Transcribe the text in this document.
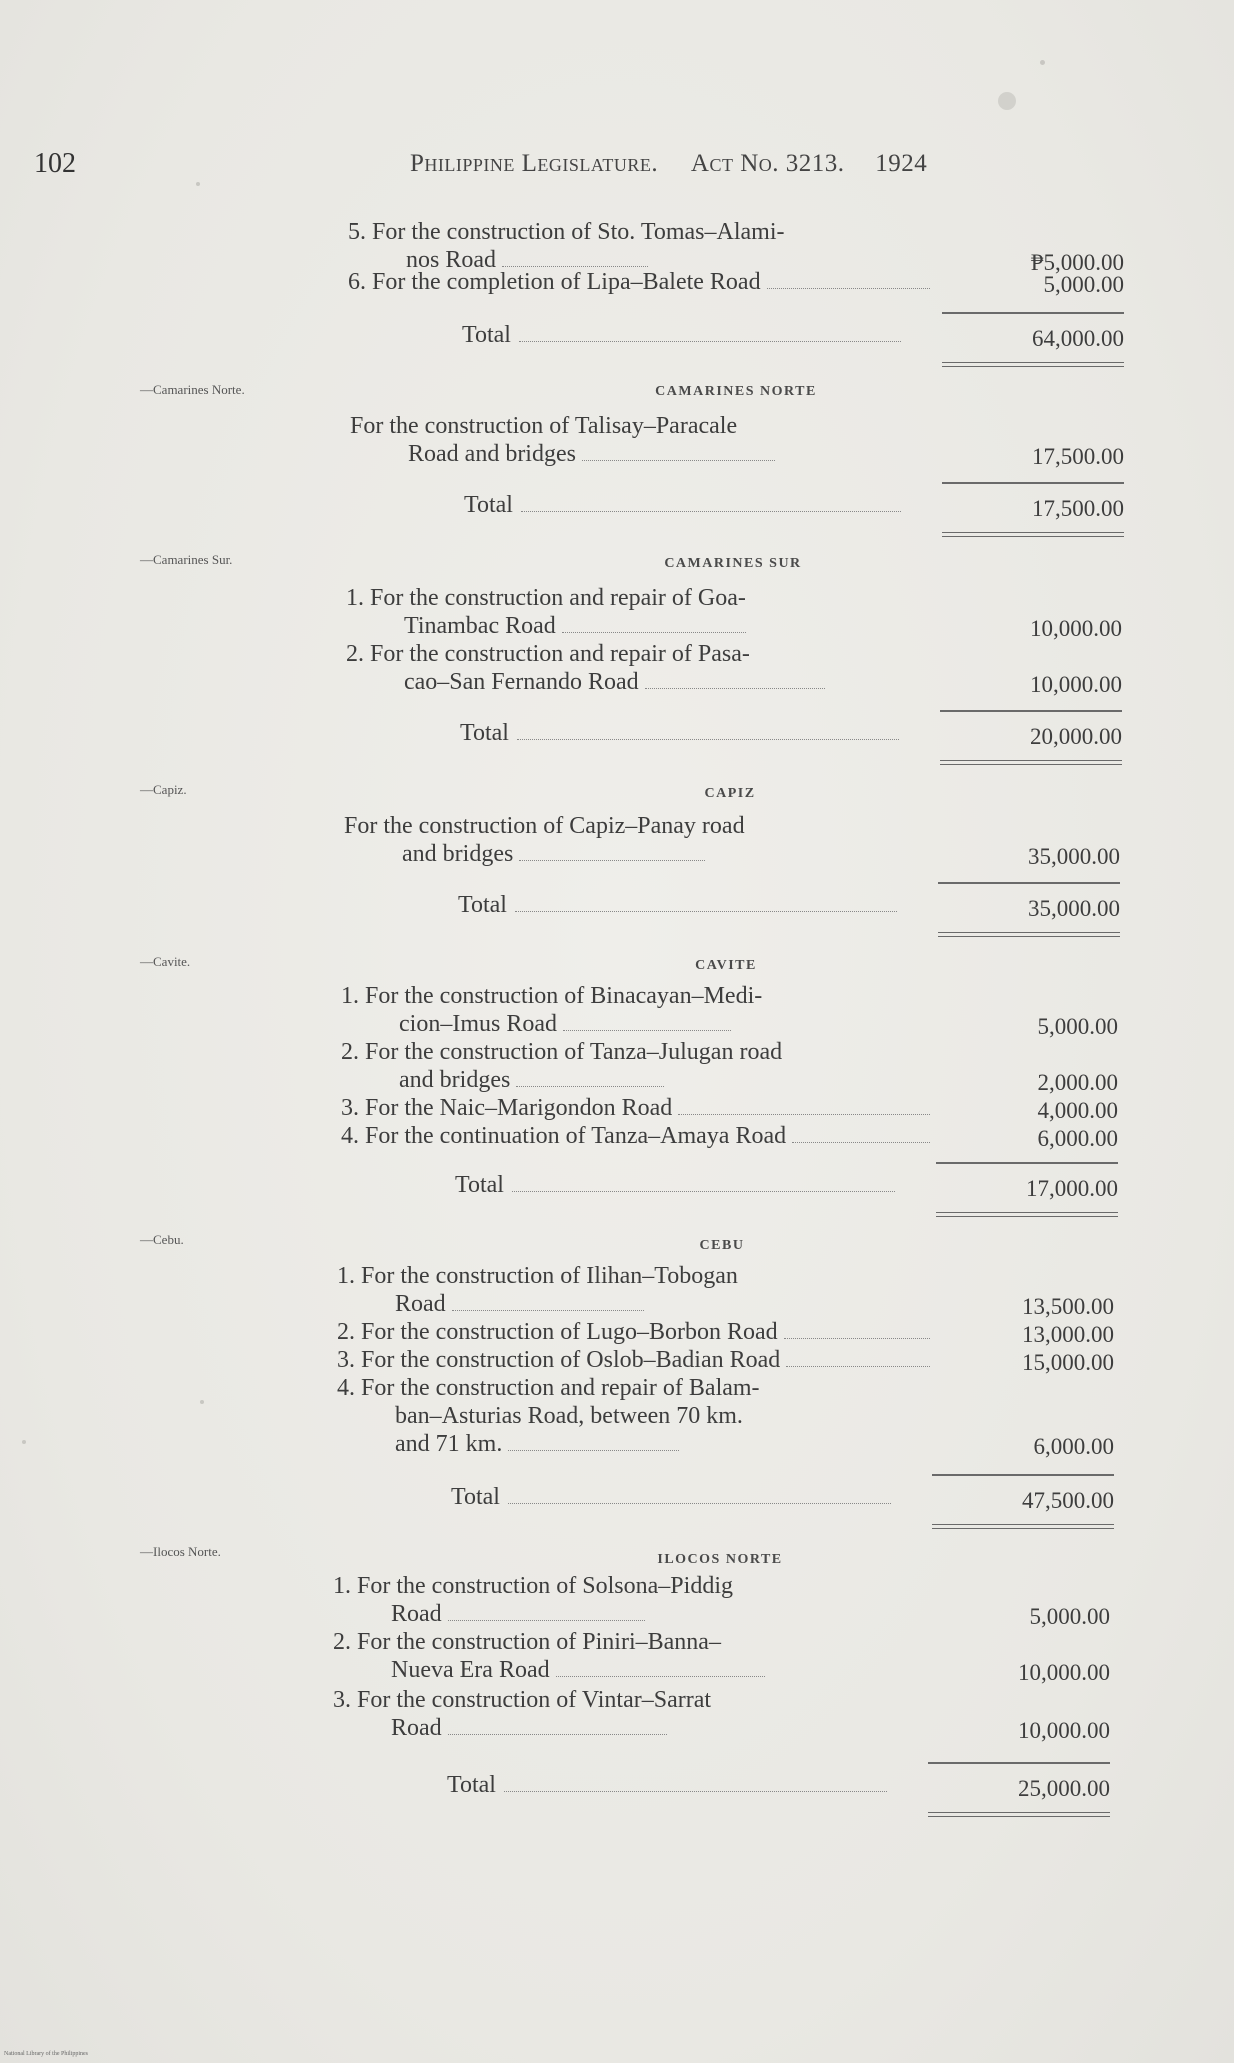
102	Philippine Legislature. Act No. 3213. 1924
5. For the construction of Sto. Tomas–Alami-
nos Road	₱5,000.00
6. For the completion of Lipa–Balete Road	5,000.00
Total	64,000.00
—Camarines Norte.	CAMARINES NORTE
For the construction of Talisay–Paracale
Road and bridges	17,500.00
Total	17,500.00
—Camarines Sur.	CAMARINES SUR
1. For the construction and repair of Goa-
Tinambac Road	10,000.00
2. For the construction and repair of Pasa-
cao–San Fernando Road	10,000.00
Total	20,000.00
—Capiz.	CAPIZ
For the construction of Capiz–Panay road
and bridges	35,000.00
Total	35,000.00
—Cavite.	CAVITE
1. For the construction of Binacayan–Medi-
cion–Imus Road	5,000.00
2. For the construction of Tanza–Julugan road
and bridges	2,000.00
3. For the Naic–Marigondon Road	4,000.00
4. For the continuation of Tanza–Amaya Road	6,000.00
Total	17,000.00
—Cebu.	CEBU
1. For the construction of Ilihan–Tobogan
Road	13,500.00
2. For the construction of Lugo–Borbon Road	13,000.00
3. For the construction of Oslob–Badian Road	15,000.00
4. For the construction and repair of Balam-
ban–Asturias Road, between 70 km.
and 71 km.	6,000.00
Total	47,500.00
—Ilocos Norte.
ILOCOS NORTE
1. For the construction of Solsona–Piddig
Road	5,000.00
2. For the construction of Piniri–Banna–
Nueva Era Road	10,000.00
3. For the construction of Vintar–Sarrat
Road	10,000.00
Total	25,000.00
National Library of the Philippines
